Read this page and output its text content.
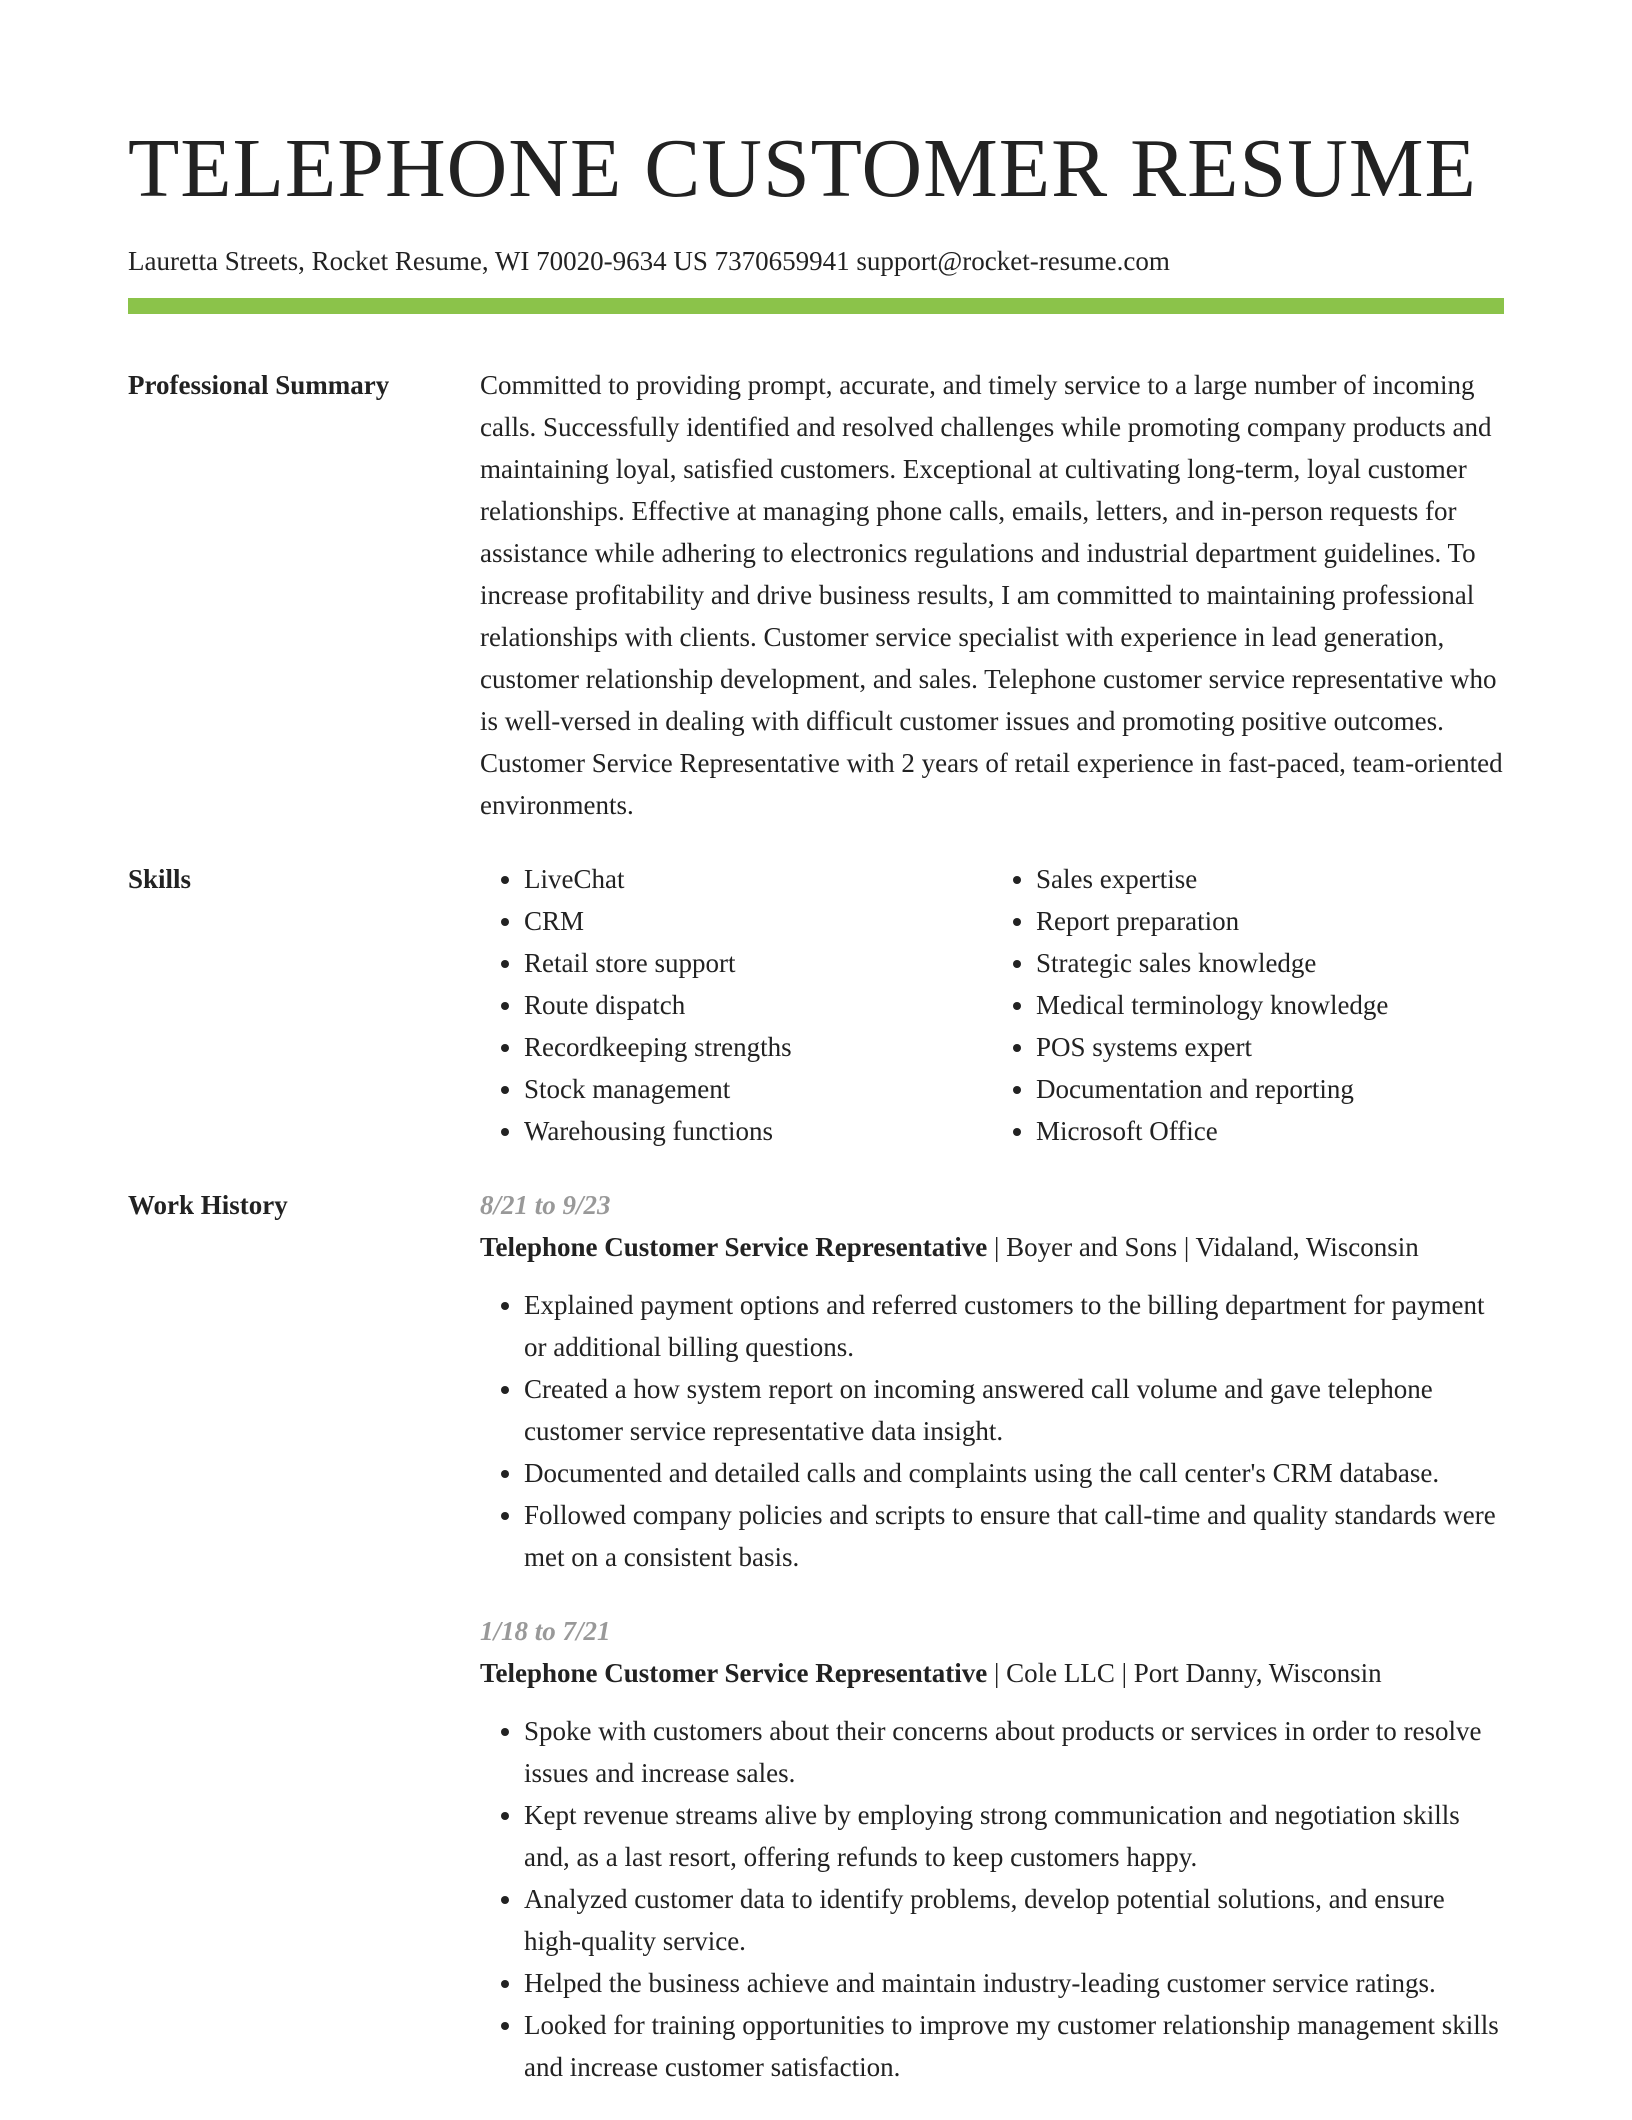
TELEPHONE CUSTOMER RESUME
Lauretta Streets, Rocket Resume, WI 70020-9634 US 7370659941 support@rocket-resume.com
Professional Summary	Committed to providing prompt, accurate, and timely service to a large number of incoming calls. Successfully identified and resolved challenges while promoting company products and maintaining loyal, satisfied customers. Exceptional at cultivating long-term, loyal customer relationships. Effective at managing phone calls, emails, letters, and in-person requests for assistance while adhering to electronics regulations and industrial department guidelines. To increase profitability and drive business results, I am committed to maintaining professional relationships with clients. Customer service specialist with experience in lead generation, customer relationship development, and sales. Telephone customer service representative who is well-versed in dealing with difficult customer issues and promoting positive outcomes. Customer Service Representative with 2 years of retail experience in fast-paced, team-oriented environments.

Skills
•	LiveChat
• CRM
• Retail store support
• Route dispatch
• Recordkeeping strengths
• Stock management
• Warehousing functions
• Sales expertise
• Report preparation
• Strategic sales knowledge
• Medical terminology knowledge
• POS systems expert
• Documentation and reporting
• Microsoft Office
Work History	8/21 to 9/23
Telephone Customer Service Representative | Boyer and Sons | Vidaland, Wisconsin
• Explained payment options and referred customers to the billing department for payment or additional billing questions.
• Created a how system report on incoming answered call volume and gave telephone customer service representative data insight.
• Documented and detailed calls and complaints using the call center's CRM database.
• Followed company policies and scripts to ensure that call-time and quality standards were met on a consistent basis.
1/18 to 7/21
Telephone Customer Service Representative | Cole LLC | Port Danny, Wisconsin
• Spoke with customers about their concerns about products or services in order to resolve issues and increase sales.
• Kept revenue streams alive by employing strong communication and negotiation skills and, as a last resort, offering refunds to keep customers happy.
• Analyzed customer data to identify problems, develop potential solutions, and ensure high-quality service.
• Helped the business achieve and maintain industry-leading customer service ratings.
• Looked for training opportunities to improve my customer relationship management skills and increase customer satisfaction.
